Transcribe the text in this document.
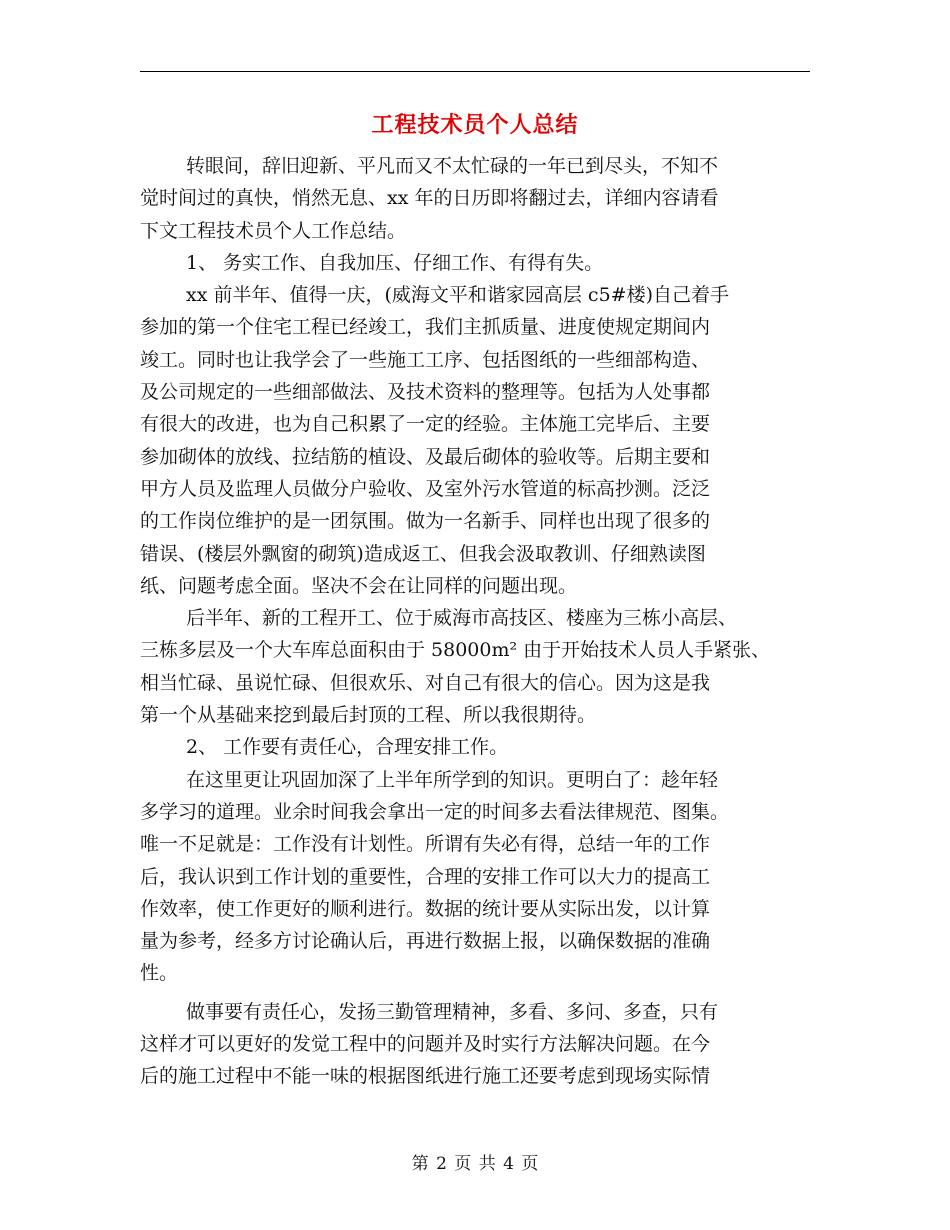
工程技术员个人总结
转眼间，辞旧迎新、平凡而又不太忙碌的一年已到尽头，不知不
觉时间过的真快，悄然无息、xx 年的日历即将翻过去，详细内容请看
下文工程技术员个人工作总结。
1、 务实工作、自我加压、仔细工作、有得有失。
xx 前半年、值得一庆，(威海文平和谐家园高层 c5#楼)自己着手
参加的第一个住宅工程已经竣工，我们主抓质量、进度使规定期间内
竣工。同时也让我学会了一些施工工序、包括图纸的一些细部构造、
及公司规定的一些细部做法、及技术资料的整理等。包括为人处事都
有很大的改进，也为自己积累了一定的经验。主体施工完毕后、主要
参加砌体的放线、拉结筋的植设、及最后砌体的验收等。后期主要和
甲方人员及监理人员做分户验收、及室外污水管道的标高抄测。泛泛
的工作岗位维护的是一团氛围。做为一名新手、同样也出现了很多的
错误、(楼层外飘窗的砌筑)造成返工、但我会汲取教训、仔细熟读图
纸、问题考虑全面。坚决不会在让同样的问题出现。
后半年、新的工程开工、位于威海市高技区、楼座为三栋小高层、
三栋多层及一个大车库总面积由于 58000m² 由于开始技术人员人手紧张、
相当忙碌、虽说忙碌、但很欢乐、对自己有很大的信心。因为这是我
第一个从基础来挖到最后封顶的工程、所以我很期待。
2、 工作要有责任心，合理安排工作。
在这里更让巩固加深了上半年所学到的知识。更明白了：趁年轻
多学习的道理。业余时间我会拿出一定的时间多去看法律规范、图集。
唯一不足就是：工作没有计划性。所谓有失必有得，总结一年的工作
后，我认识到工作计划的重要性，合理的安排工作可以大力的提高工
作效率，使工作更好的顺利进行。数据的统计要从实际出发，以计算
量为参考，经多方讨论确认后，再进行数据上报，以确保数据的准确
性。
做事要有责任心，发扬三勤管理精神，多看、多问、多查，只有
这样才可以更好的发觉工程中的问题并及时实行方法解决问题。在今
后的施工过程中不能一味的根据图纸进行施工还要考虑到现场实际情
第 2 页 共 4 页
